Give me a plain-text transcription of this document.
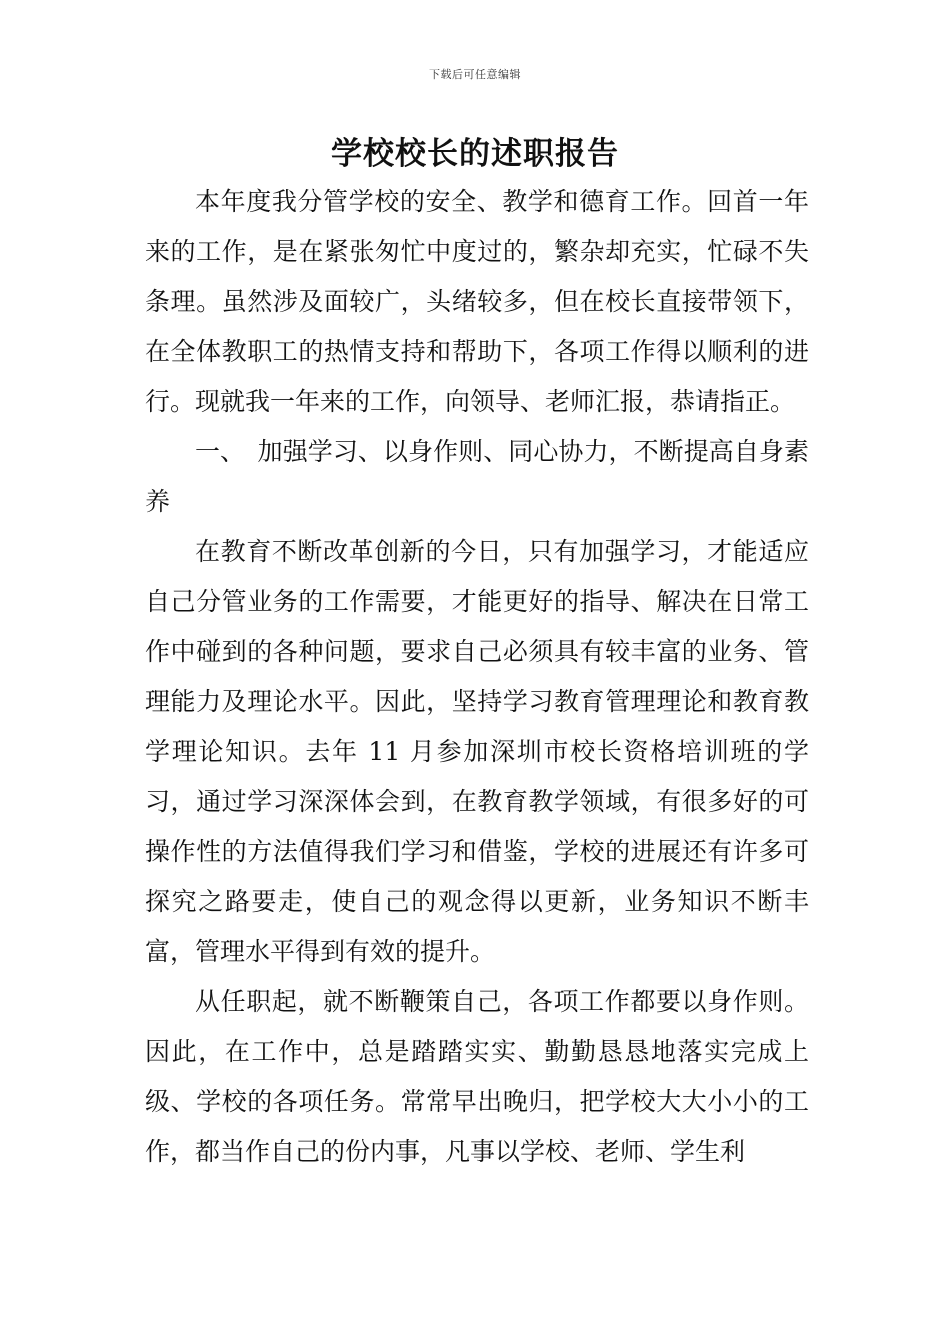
下载后可任意编辑
学校校长的述职报告

本年度我分管学校的安全、教学和德育工作。回首一年来的工作，是在紧张匆忙中度过的，繁杂却充实，忙碌不失条理。虽然涉及面较广，头绪较多，但在校长直接带领下，在全体教职工的热情支持和帮助下，各项工作得以顺利的进行。现就我一年来的工作，向领导、老师汇报，恭请指正。

一、　加强学习、以身作则、同心协力，不断提高自身素养

在教育不断改革创新的今日，只有加强学习，才能适应自己分管业务的工作需要，才能更好的指导、解决在日常工作中碰到的各种问题，要求自己必须具有较丰富的业务、管理能力及理论水平。因此，坚持学习教育管理理论和教育教学理论知识。去年 11 月参加深圳市校长资格培训班的学习，通过学习深深体会到，在教育教学领域，有很多好的可操作性的方法值得我们学习和借鉴，学校的进展还有许多可探究之路要走，使自己的观念得以更新，业务知识不断丰富，管理水平得到有效的提升。

从任职起，就不断鞭策自己，各项工作都要以身作则。因此，在工作中，总是踏踏实实、勤勤恳恳地落实完成上级、学校的各项任务。常常早出晚归，把学校大大小小的工作，都当作自己的份内事，凡事以学校、老师、学生利
